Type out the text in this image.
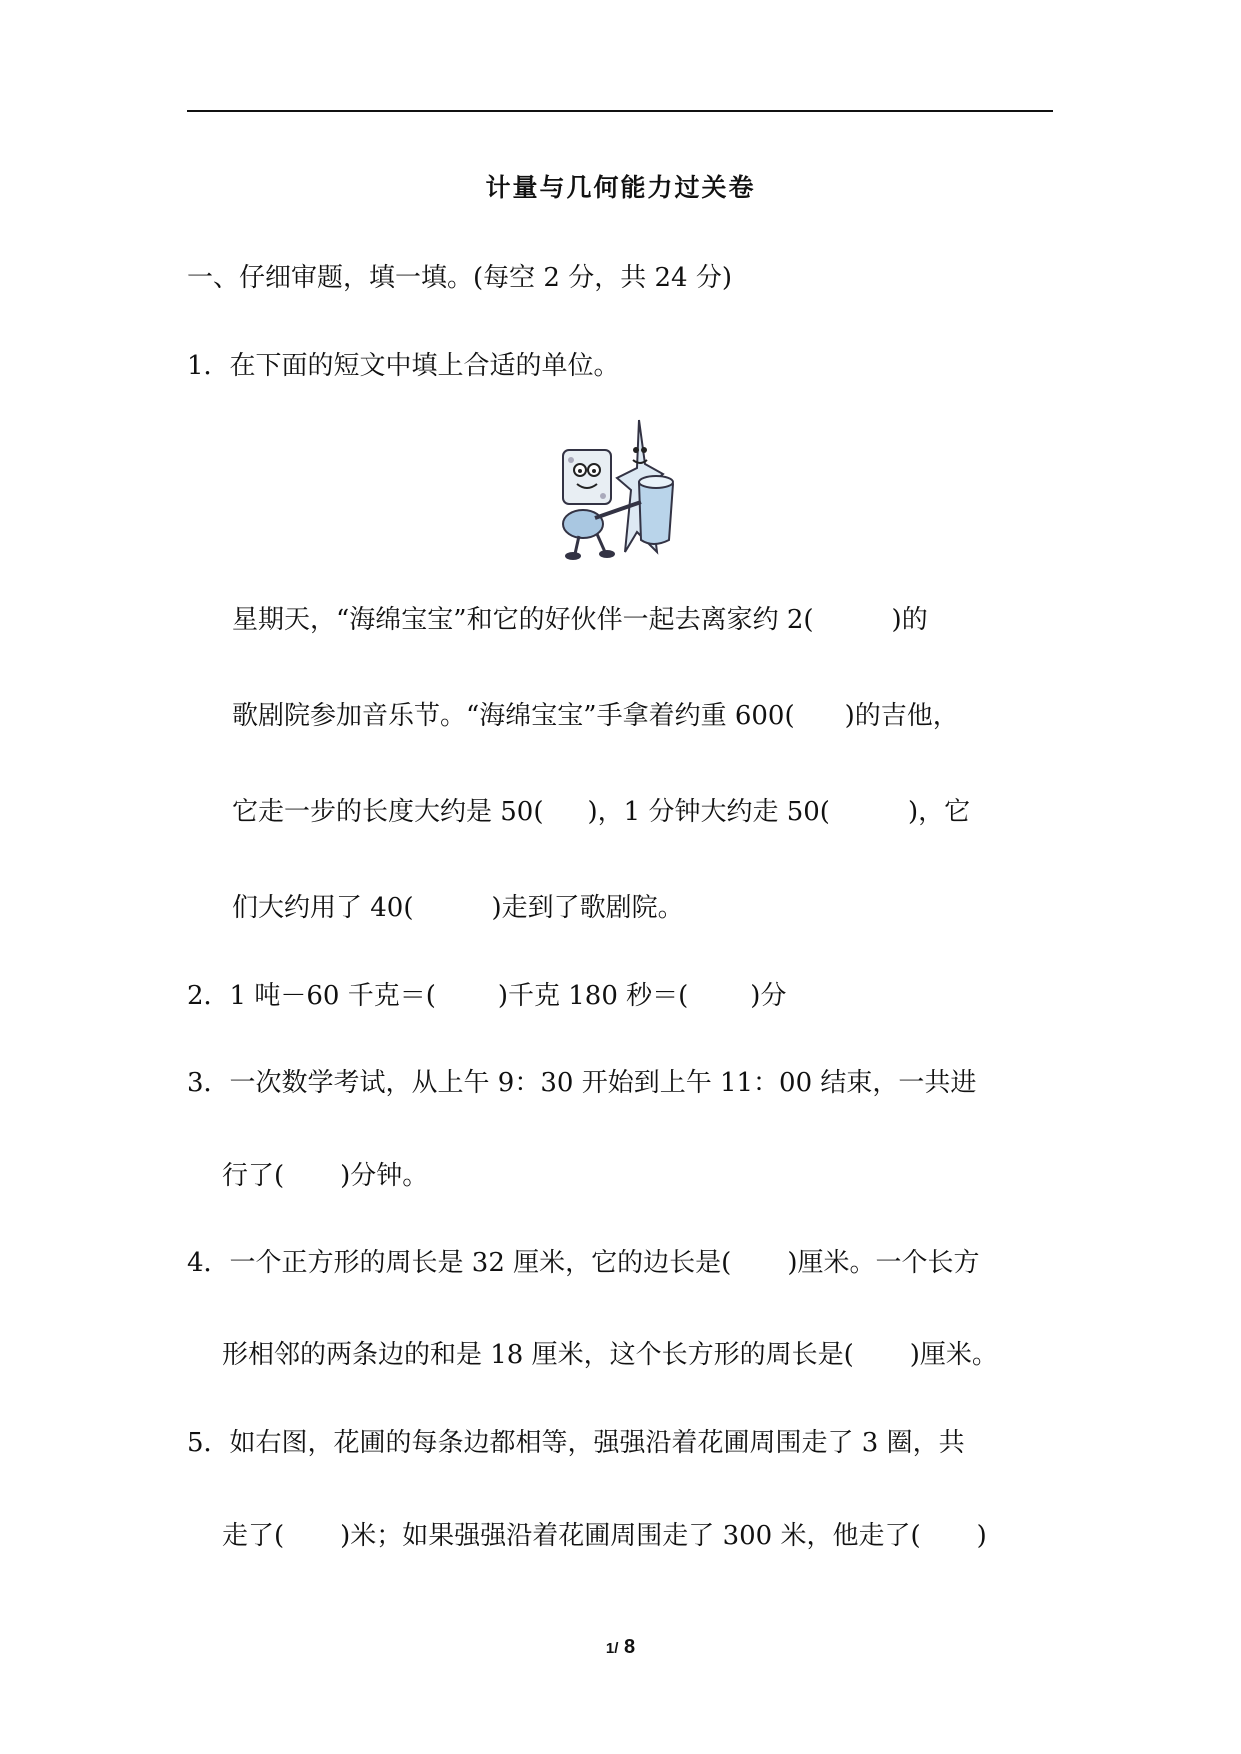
计量与几何能力过关卷
一、仔细审题，填一填。(每空 2 分，共 24 分)
1．在下面的短文中填上合适的单位。
星期天，“海绵宝宝”和它的好伙伴一起去离家约 2(	)的
歌剧院参加音乐节。“海绵宝宝”手拿着约重 600( )的吉他，
它走一步的长度大约是 50( )，1 分钟大约走 50(	)，它
们大约用了 40(	)走到了歌剧院。
2．1 吨－60 千克＝( )千克 180 秒＝( )分
3．一次数学考试，从上午 9：30 开始到上午 11：00 结束，一共进
行了( )分钟。
4．一个正方形的周长是 32 厘米，它的边长是( )厘米。一个长方
形相邻的两条边的和是 18 厘米，这个长方形的周长是( )厘米。
5．如右图，花圃的每条边都相等，强强沿着花圃周围走了 3 圈，共
走了( )米；如果强强沿着花圃周围走了 300 米，他走了( )
1/ 8
